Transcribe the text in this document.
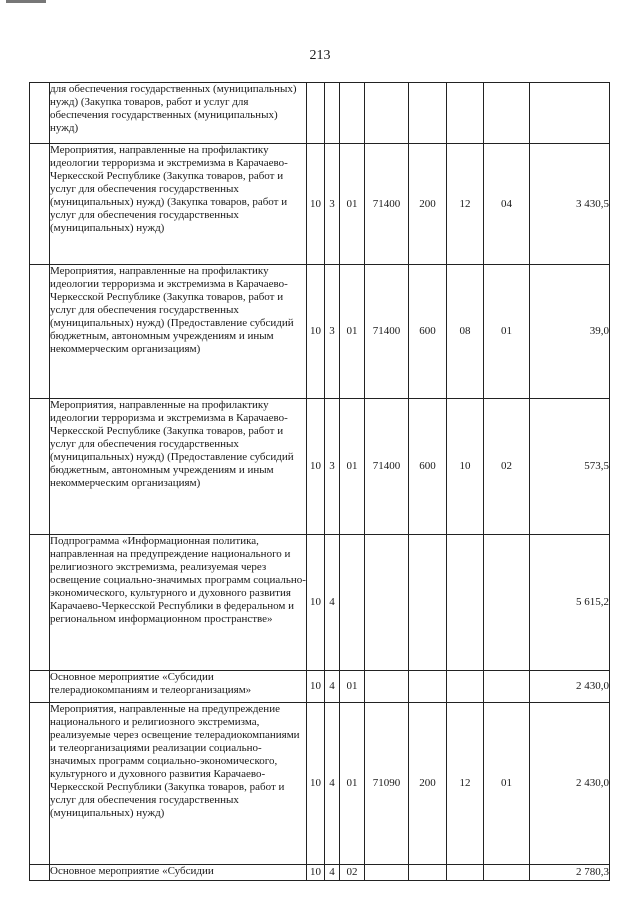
213
	для обеспечения государственных (муниципальных) нужд) (Закупка товаров, работ и услуг для обеспечения государственных (муниципальных) нужд)								
	Мероприятия, направленные на профилактику идеологии терроризма и экстремизма в Карачаево-Черкесской Республике (Закупка товаров, работ и услуг для обеспечения государственных (муниципальных) нужд) (Закупка товаров, работ и услуг для обеспечения государственных (муниципальных) нужд)	10	3	01	71400	200	12	04	3 430,5
	Мероприятия, направленные на профилактику идеологии терроризма и экстремизма в Карачаево-Черкесской Республике (Закупка товаров, работ и услуг для обеспечения государственных (муниципальных) нужд) (Предоставление субсидий бюджетным, автономным учреждениям и иным некоммерческим организациям)	10	3	01	71400	600	08	01	39,0
	Мероприятия, направленные на профилактику идеологии терроризма и экстремизма в Карачаево-Черкесской Республике (Закупка товаров, работ и услуг для обеспечения государственных (муниципальных) нужд) (Предоставление субсидий бюджетным, автономным учреждениям и иным некоммерческим организациям)	10	3	01	71400	600	10	02	573,5
	Подпрограмма «Информационная политика, направленная на предупреждение национального и религиозного экстремизма, реализуемая через освещение социально-значимых программ социально-экономического, культурного и духовного развития Карачаево-Черкесской Республики в федеральном и региональном информационном пространстве»	10	4						5 615,2
	Основное мероприятие «Субсидии телерадиокомпаниям и телеорганизациям»	10	4	01					2 430,0
	Мероприятия, направленные на предупреждение национального и религиозного экстремизма, реализуемые через освещение телерадиокомпаниями и телеорганизациями реализации социально-значимых программ социально-экономического, культурного и духовного развития Карачаево-Черкесской Республики (Закупка товаров, работ и услуг для обеспечения государственных (муниципальных) нужд)	10	4	01	71090	200	12	01	2 430,0
	Основное мероприятие «Субсидии	10	4	02					2 780,3
